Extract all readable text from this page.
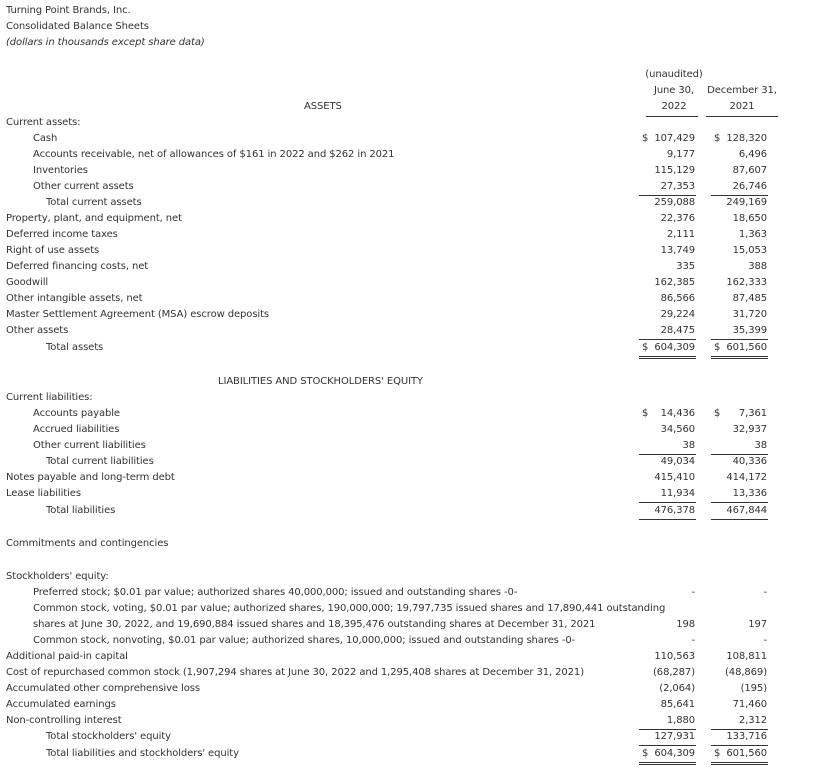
Turning Point Brands, Inc.
Consolidated Balance Sheets
(dollars in thousands except share data)
(unaudited)
June 30,
2022
December 31,
2021
ASSETS
LIABILITIES AND STOCKHOLDERS' EQUITY
Current assets:
Cash	$ 107,429 $ 128,320
Accounts receivable, net of allowances of $161 in 2022 and $262 in 2021	9,177	6,496
Inventories	115,129	87,607
Other current assets	27,353	26,746
Total current assets	259,088	249,169
Property, plant, and equipment, net	22,376	18,650
Deferred income taxes	2,111	1,363
Right of use assets	13,749	15,053
Deferred financing costs, net	335	388
Goodwill	162,385	162,333
Other intangible assets, net	86,566	87,485
Master Settlement Agreement (MSA) escrow deposits	29,224	31,720
Other assets	28,475	35,399
Total assets	$ 604,309 $ 601,560
Current liabilities:
Accounts payable	$ 14,436 $ 7,361
Accrued liabilities	34,560	32,937
Other current liabilities	38	38
Total current liabilities	49,034	40,336
Notes payable and long-term debt	415,410	414,172
Lease liabilities	11,934	13,336
Total liabilities	476,378	467,844
Commitments and contingencies
Stockholders' equity:
Preferred stock; $0.01 par value; authorized shares 40,000,000; issued and outstanding shares -0-	-	-
Common stock, voting, $0.01 par value; authorized shares, 190,000,000; 19,797,735 issued shares and 17,890,441 outstanding
shares at June 30, 2022, and 19,690,884 issued shares and 18,395,476 outstanding shares at December 31, 2021	198	197
Common stock, nonvoting, $0.01 par value; authorized shares, 10,000,000; issued and outstanding shares -0-	-	-
Additional paid-in capital	110,563	108,811
Cost of repurchased common stock (1,907,294 shares at June 30, 2022 and 1,295,408 shares at December 31, 2021)	(68,287)	(48,869)
Accumulated other comprehensive loss	(2,064)	(195)
Accumulated earnings	85,641	71,460
Non-controlling interest	1,880	2,312
Total stockholders' equity	127,931	133,716
Total liabilities and stockholders' equity	$ 604,309 $ 601,560
